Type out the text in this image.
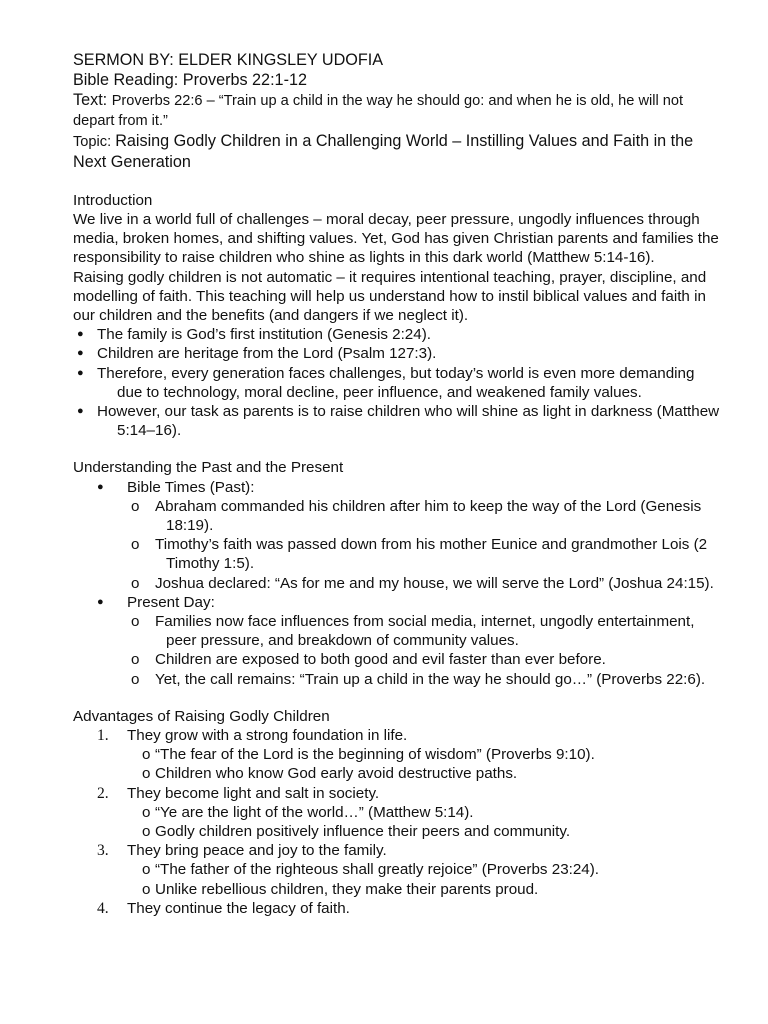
SERMON BY: ELDER KINGSLEY UDOFIA
Bible Reading: Proverbs 22:1-12
Text: Proverbs 22:6 – “Train up a child in the way he should go: and when he is old, he will not depart from it.”
Topic: Raising Godly Children in a Challenging World – Instilling Values and Faith in the Next Generation
Introduction
We live in a world full of challenges – moral decay, peer pressure, ungodly influences through media, broken homes, and shifting values. Yet, God has given Christian parents and families the responsibility to raise children who shine as lights in this dark world (Matthew 5:14-16).
Raising godly children is not automatic – it requires intentional teaching, prayer, discipline, and modelling of faith. This teaching will help us understand how to instil biblical values and faith in our children and the benefits (and dangers if we neglect it).
● The family is God’s first institution (Genesis 2:24).
● Children are heritage from the Lord (Psalm 127:3).
● Therefore, every generation faces challenges, but today’s world is even more demanding due to technology, moral decline, peer influence, and weakened family values.
● However, our task as parents is to raise children who will shine as light in darkness (Matthew 5:14–16).
Understanding the Past and the Present
● Bible Times (Past):
o Abraham commanded his children after him to keep the way of the Lord (Genesis 18:19).
o Timothy’s faith was passed down from his mother Eunice and grandmother Lois (2 Timothy 1:5).
o Joshua declared: “As for me and my house, we will serve the Lord” (Joshua 24:15).
● Present Day:
o Families now face influences from social media, internet, ungodly entertainment, peer pressure, and breakdown of community values.
o Children are exposed to both good and evil faster than ever before.
o Yet, the call remains: “Train up a child in the way he should go…” (Proverbs 22:6).
Advantages of Raising Godly Children
1. They grow with a strong foundation in life.
o “The fear of the Lord is the beginning of wisdom” (Proverbs 9:10).
o Children who know God early avoid destructive paths.
2. They become light and salt in society.
o “Ye are the light of the world…” (Matthew 5:14).
o Godly children positively influence their peers and community.
3. They bring peace and joy to the family.
o “The father of the righteous shall greatly rejoice” (Proverbs 23:24).
o Unlike rebellious children, they make their parents proud.
4. They continue the legacy of faith.
